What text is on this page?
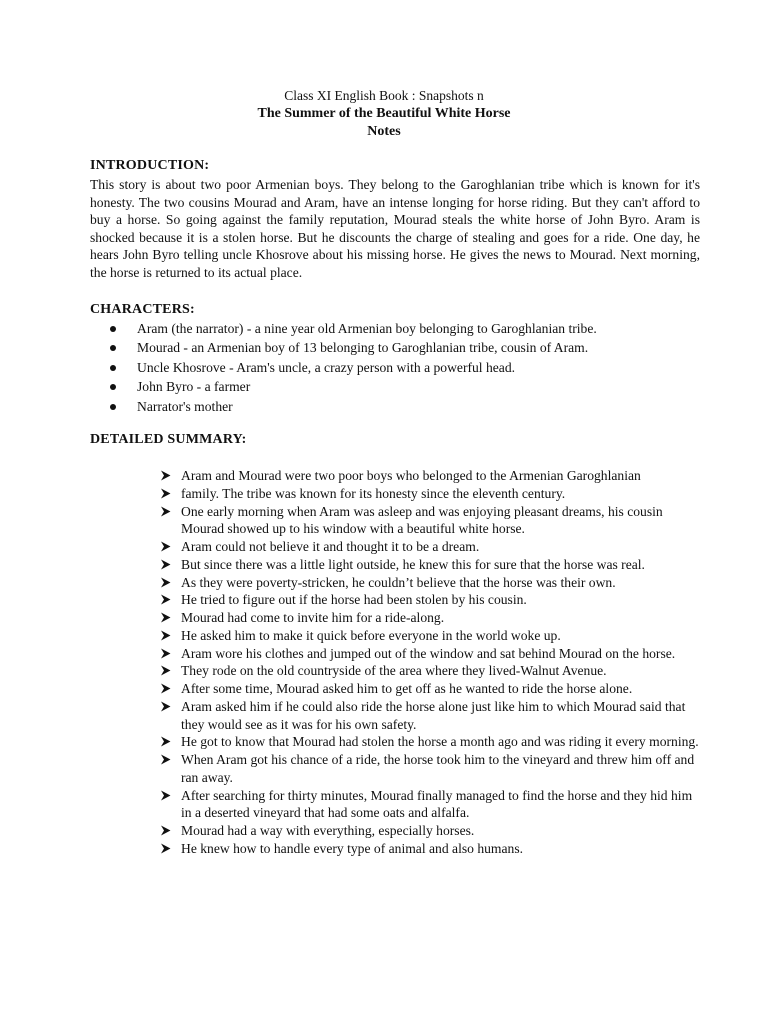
Class XI English Book : Snapshots n
The Summer of the Beautiful White Horse
Notes
INTRODUCTION:
This story is about two poor Armenian boys. They belong to the Garoghlanian tribe which is known for it's honesty. The two cousins Mourad and Aram, have an intense longing for horse riding. But they can't afford to buy a horse. So going against the family reputation, Mourad steals the white horse of John Byro. Aram is shocked because it is a stolen horse. But he discounts the charge of stealing and goes for a ride. One day, he hears John Byro telling uncle Khosrove about his missing horse. He gives the news to Mourad. Next morning, the horse is returned to its actual place.
CHARACTERS:
Aram (the narrator) - a nine year old Armenian boy belonging to Garoghlanian tribe.
Mourad - an Armenian boy of 13 belonging to Garoghlanian tribe, cousin of Aram.
Uncle Khosrove - Aram's uncle, a crazy person with a powerful head.
John Byro - a farmer
Narrator's mother
DETAILED SUMMARY:
Aram and Mourad were two poor boys who belonged to the Armenian Garoghlanian
family. The tribe was known for its honesty since the eleventh century.
One early morning when Aram was asleep and was enjoying pleasant dreams, his cousin Mourad showed up to his window with a beautiful white horse.
Aram could not believe it and thought it to be a dream.
But since there was a little light outside, he knew this for sure that the horse was real.
As they were poverty-stricken, he couldn’t believe that the horse was their own.
He tried to figure out if the horse had been stolen by his cousin.
Mourad had come to invite him for a ride-along.
He asked him to make it quick before everyone in the world woke up.
Aram wore his clothes and jumped out of the window and sat behind Mourad on the horse.
They rode on the old countryside of the area where they lived-Walnut Avenue.
After some time, Mourad asked him to get off as he wanted to ride the horse alone.
Aram asked him if he could also ride the horse alone just like him to which Mourad said that they would see as it was for his own safety.
He got to know that Mourad had stolen the horse a month ago and was riding it every morning.
When Aram got his chance of a ride, the horse took him to the vineyard and threw him off and ran away.
After searching for thirty minutes, Mourad finally managed to find the horse and they hid him in a deserted vineyard that had some oats and alfalfa.
Mourad had a way with everything, especially horses.
He knew how to handle every type of animal and also humans.
